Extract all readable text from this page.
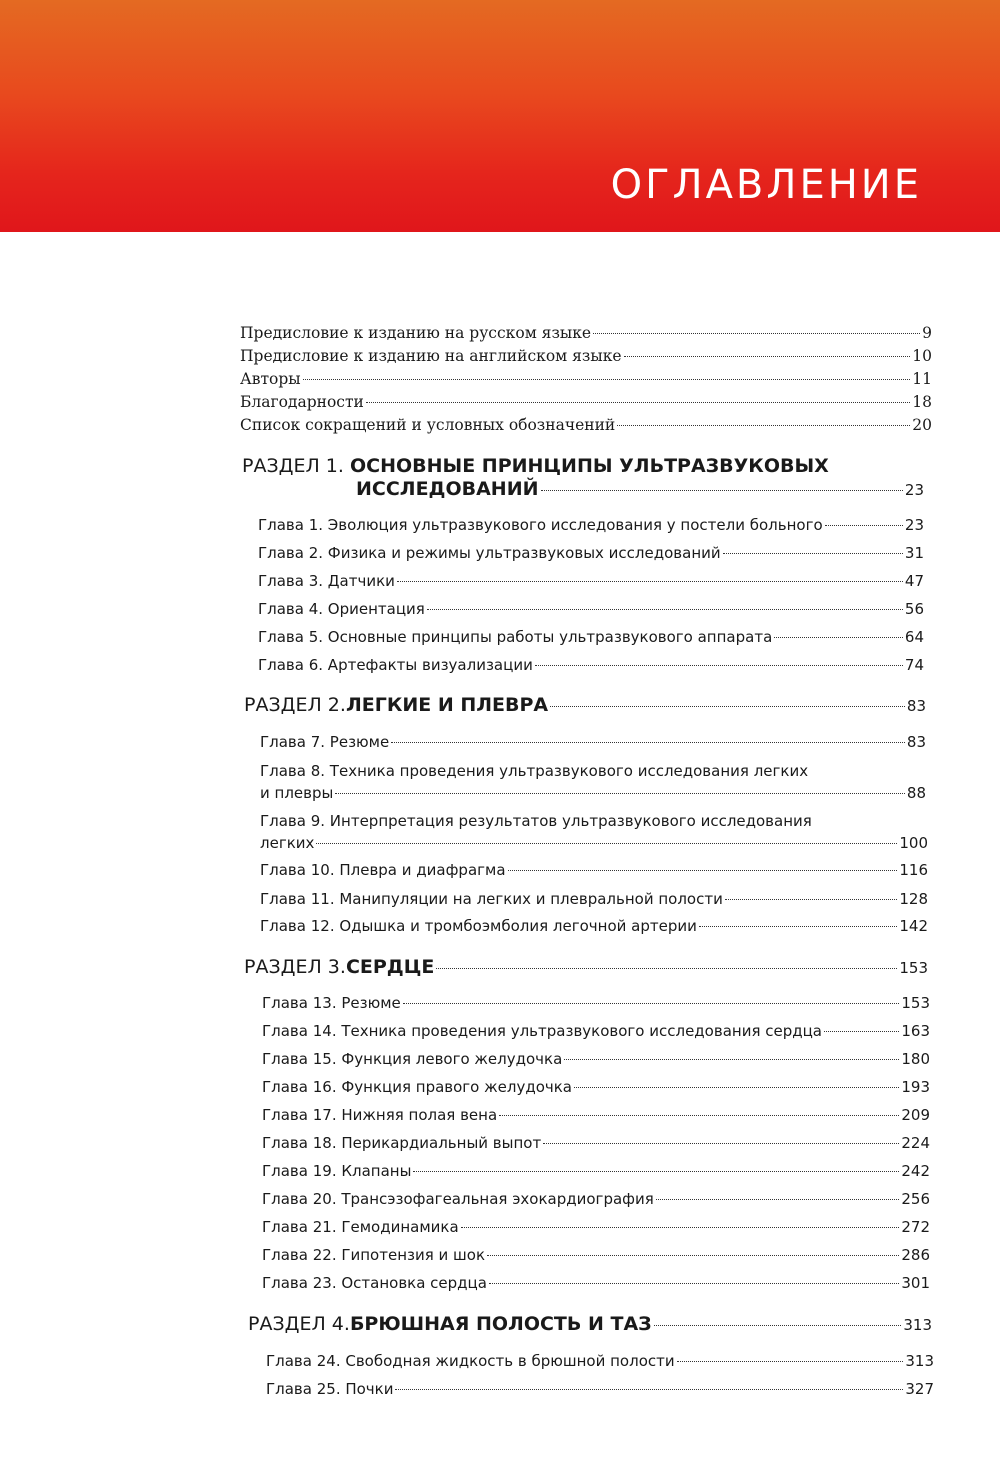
ОГЛАВЛЕНИЕ
Предисловие к изданию на русском языке	9
Предисловие к изданию на английском языке	10
Авторы	11
Благодарности	18
Список сокращений и условных обозначений	20
РАЗДЕЛ 1. ОСНОВНЫЕ ПРИНЦИПЫ УЛЬТРАЗВУКОВЫХ
ИССЛЕДОВАНИЙ	23
Глава 1. Эволюция ультразвукового исследования у постели больного	23
Глава 2. Физика и режимы ультразвуковых исследований	31
Глава 3. Датчики	47
Глава 4. Ориентация	56
Глава 5. Основные принципы работы ультразвукового аппарата	64
Глава 6. Артефакты визуализации	74
РАЗДЕЛ 2. ЛЕГКИЕ И ПЛЕВРА	83
Глава 7. Резюме	83
Глава 8. Техника проведения ультразвукового исследования легких
и плевры	88
Глава 9. Интерпретация результатов ультразвукового исследования
легких	100
Глава 10. Плевра и диафрагма	116
Глава 11. Манипуляции на легких и плевральной полости	128
Глава 12. Одышка и тромбоэмболия легочной артерии	142
РАЗДЕЛ 3. СЕРДЦЕ	153
Глава 13. Резюме	153
Глава 14. Техника проведения ультразвукового исследования сердца	163
Глава 15. Функция левого желудочка	180
Глава 16. Функция правого желудочка	193
Глава 17. Нижняя полая вена	209
Глава 18. Перикардиальный выпот	224
Глава 19. Клапаны	242
Глава 20. Трансэзофагеальная эхокардиография	256
Глава 21. Гемодинамика	272
Глава 22. Гипотензия и шок	286
Глава 23. Остановка сердца	301
РАЗДЕЛ 4. БРЮШНАЯ ПОЛОСТЬ И ТАЗ	313
Глава 24. Свободная жидкость в брюшной полости	313
Глава 25. Почки	327
